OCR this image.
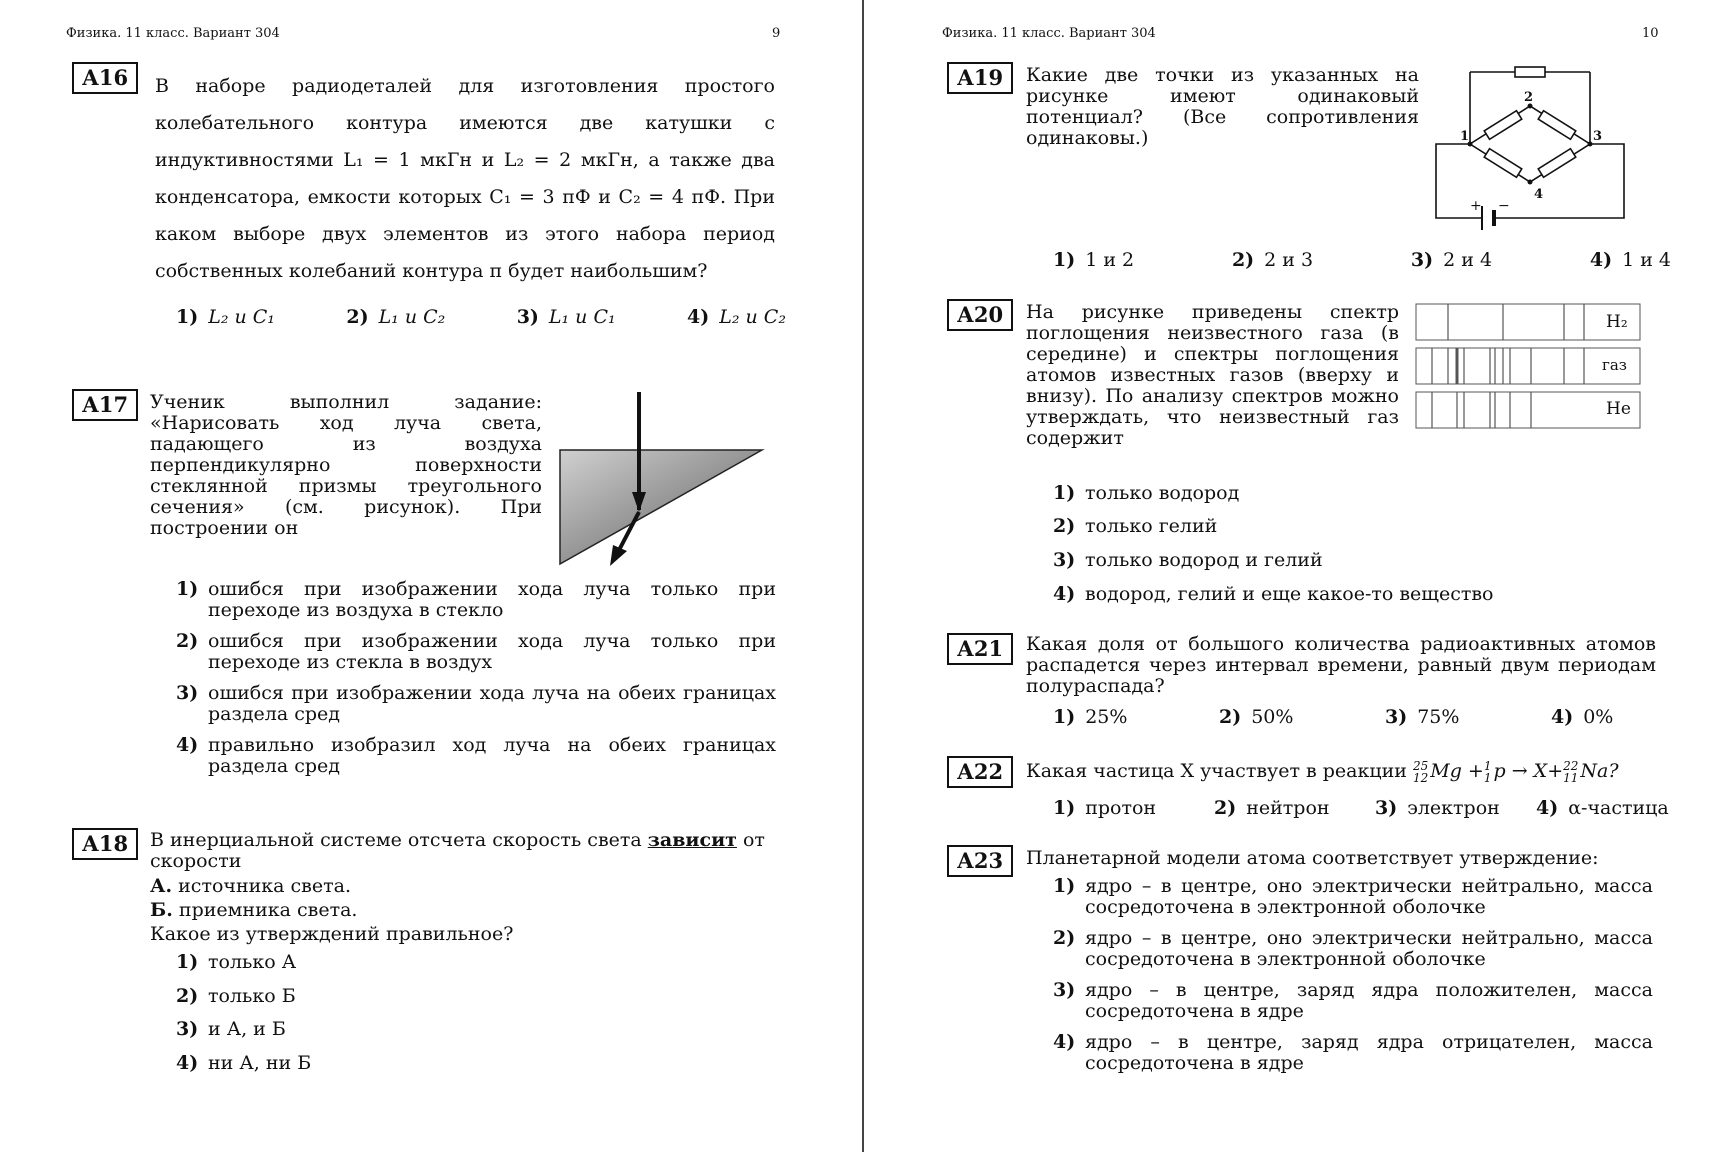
Физика. 11 класс. Вариант 304	9
А16	В наборе радиодеталей для изготовления простого колебательного контура имеются две катушки с индуктивностями L₁ = 1 мкГн и L₂ = 2 мкГн, а также два конденсатора, емкости которых C₁ = 3 пФ и C₂ = 4 пФ. При каком выборе двух элементов из этого набора период собственных колебаний контура п будет наибольшим?
1) L₂ и C₁	2) L₁ и C₂	3) L₁ и C₁	4) L₂ и C₂
А17	Ученик выполнил задание: «Нарисовать ход луча света, падающего из воздуха перпендикулярно поверхности стеклянной призмы треугольного сечения» (см. рисунок). При построении он
1) ошибся при изображении хода луча только при переходе из воздуха в стекло
2) ошибся при изображении хода луча только при переходе из стекла в воздух
3) ошибся при изображении хода луча на обеих границах раздела сред
4) правильно изобразил ход луча на обеих границах раздела сред
А18	В инерциальной системе отсчета скорость света зависит от скорости
А. источника света.
Б. приемника света.
Какое из утверждений правильное?
1) только А
2) только Б
3) и А, и Б
4) ни А, ни Б
Физика. 11 класс. Вариант 304	10
А19	Какие две точки из указанных на рисунке имеют одинаковый потенциал? (Все сопротивления одинаковы.)	1
2
3
4
+ −
1) 1 и 2	2) 2 и 3	3) 2 и 4	4) 1 и 4
А20	На рисунке приведены спектр поглощения неизвестного газа (в середине) и спектры поглощения атомов известных газов (вверху и внизу). По анализу спектров можно утверждать, что неизвестный газ содержит
H₂
газ
He
1) только водород
2) только гелий
3) только водород и гелий
4) водород, гелий и еще какое-то вещество
А21	Какая доля от большого количества радиоактивных атомов распадется через интервал времени, равный двум периодам полураспада?
1) 25%	2) 50%	3) 75%	4) 0%
А22	Какая частица X участвует в реакции 25
12 Mg +1
1 p → X+22
11 Na?
1) протон	2) нейтрон	3) электрон	4) α-частица
А23	Планетарной модели атома соответствует утверждение:
1) ядро – в центре, оно электрически нейтрально, масса сосредоточена в электронной оболочке
2) ядро – в центре, оно электрически нейтрально, масса сосредоточена в электронной оболочке
3) ядро – в центре, заряд ядра положителен, масса сосредоточена в ядре
4) ядро – в центре, заряд ядра отрицателен, масса сосредоточена в ядре
